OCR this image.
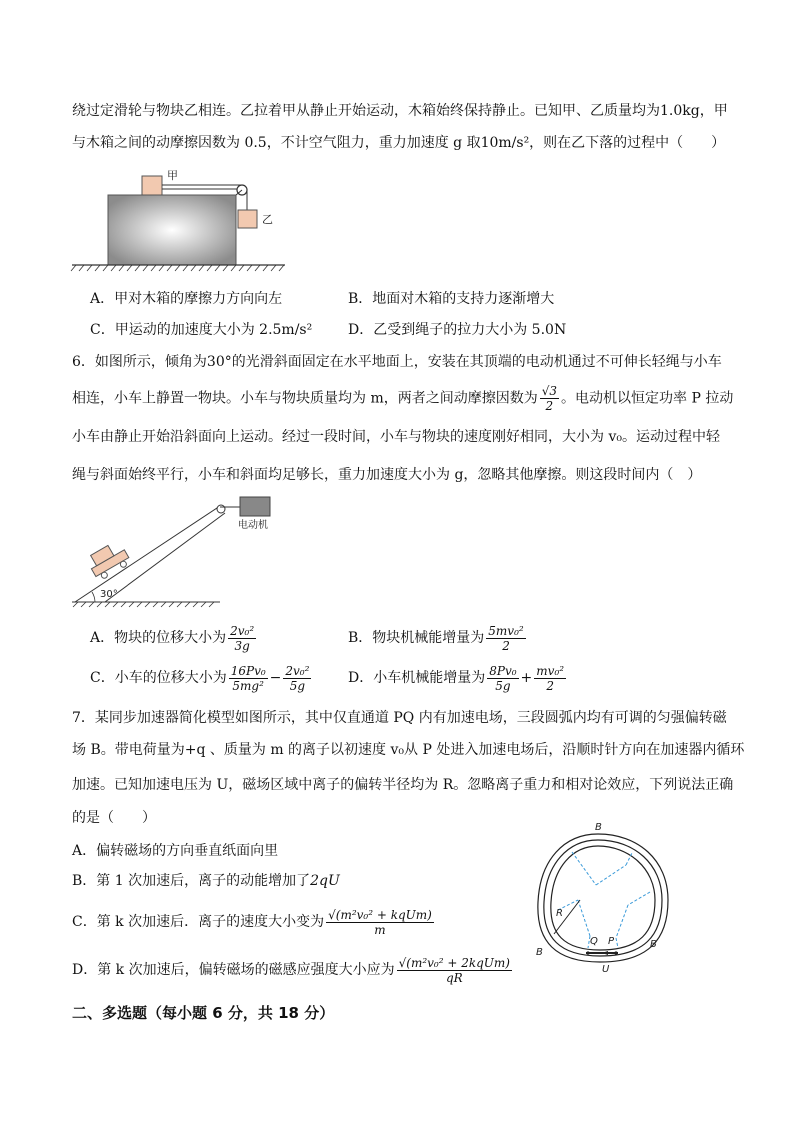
绕过定滑轮与物块乙相连。乙拉着甲从静止开始运动，木箱始终保持静止。已知甲、乙质量均为1.0kg，甲
与木箱之间的动摩擦因数为 0.5，不计空气阻力，重力加速度 g 取10m/s²，则在乙下落的过程中（　　）
甲
乙
A．甲对木箱的摩擦力方向向左	B．地面对木箱的支持力逐渐增大
C．甲运动的加速度大小为 2.5m/s²	D．乙受到绳子的拉力大小为 5.0N
6．如图所示，倾角为30°的光滑斜面固定在水平地面上，安装在其顶端的电动机通过不可伸长轻绳与小车
相连，小车上静置一物块。小车与物块质量均为 m，两者之间动摩擦因数为 $\frac{√3}{2}$ 。电动机以恒定功率 P 拉动
小车由静止开始沿斜面向上运动。经过一段时间，小车与物块的速度刚好相同，大小为 v₀。运动过程中轻
绳与斜面始终平行，小车和斜面均足够长，重力加速度大小为 g，忽略其他摩擦。则这段时间内（　）
30°
电动机
A．物块的位移大小为 $\frac{\text{2v₀²}}{3g}$	B．物块机械能增量为 $\frac{\text{5mv₀²}}{2}$
C．小车的位移大小为 $\frac{\text{16Pv₀}}{\text{5mg²}} - \frac{\text{2v₀²}}{5g}$	D．小车机械能增量为 $\frac{\text{8Pv₀}}{5g} + \frac{\text{mv₀²}}{2}$
7．某同步加速器简化模型如图所示，其中仅直通道 PQ 内有加速电场，三段圆弧内均有可调的匀强偏转磁
场 B。带电荷量为+q 、质量为 m 的离子以初速度 v₀从 P 处进入加速电场后，沿顺时针方向在加速器内循环
加速。已知加速电压为 U，磁场区域中离子的偏转半径均为 R。忽略离子重力和相对论效应，下列说法正确
的是（　　）
A．偏转磁场的方向垂直纸面向里
B．第 1 次加速后，离子的动能增加了2qU
C．第 k 次加速后．离子的速度大小变为 $\frac{\text{√(m²v₀² + kqUm)}}{m}$
D．第 k 次加速后，偏转磁场的磁感应强度大小应为 $\frac{\text{√(m²v₀² + 2kqUm)}}{qR}$
R
Q P
U
B
B
B
二、多选题（每小题 6 分，共 18 分）
